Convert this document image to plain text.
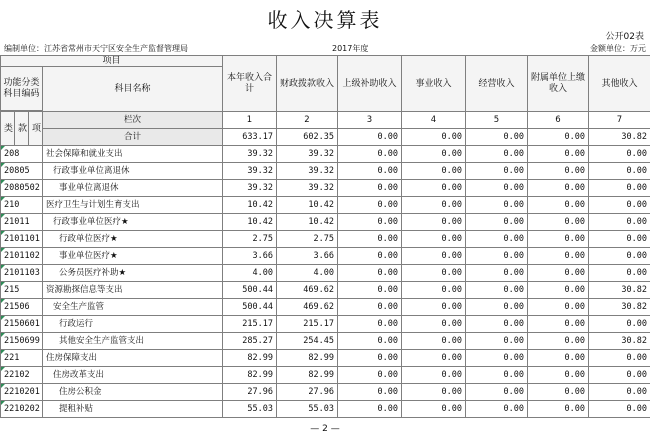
收入决算表
公开02表
编制单位：江苏省常州市天宁区安全生产监督管理局	2017年度	金额单位：万元
项目				本年收入合计	财政拨款收入	上级补助收入	事业收入	经营收入	附属单位上缴收入	其他收入
功能分类科目编码			科目名称							

类	款	项	栏次	1	2	3	4	5	6	7
			合计	633.17	602.35	0.00	0.00	0.00	0.00	30.82
208			社会保障和就业支出	39.32	39.32	0.00	0.00	0.00	0.00	0.00
20805			行政事业单位离退休	39.32	39.32	0.00	0.00	0.00	0.00	0.00
2080502			事业单位离退休	39.32	39.32	0.00	0.00	0.00	0.00	0.00
210			医疗卫生与计划生育支出	10.42	10.42	0.00	0.00	0.00	0.00	0.00
21011			行政事业单位医疗★	10.42	10.42	0.00	0.00	0.00	0.00	0.00
2101101			行政单位医疗★	2.75	2.75	0.00	0.00	0.00	0.00	0.00
2101102			事业单位医疗★	3.66	3.66	0.00	0.00	0.00	0.00	0.00
2101103			公务员医疗补助★	4.00	4.00	0.00	0.00	0.00	0.00	0.00
215			资源勘探信息等支出	500.44	469.62	0.00	0.00	0.00	0.00	30.82
21506			安全生产监管	500.44	469.62	0.00	0.00	0.00	0.00	30.82
2150601			行政运行	215.17	215.17	0.00	0.00	0.00	0.00	0.00
2150699			其他安全生产监管支出	285.27	254.45	0.00	0.00	0.00	0.00	30.82
221			住房保障支出	82.99	82.99	0.00	0.00	0.00	0.00	0.00
22102			住房改革支出	82.99	82.99	0.00	0.00	0.00	0.00	0.00
2210201			住房公积金	27.96	27.96	0.00	0.00	0.00	0.00	0.00
2210202			提租补贴	55.03	55.03	0.00	0.00	0.00	0.00	0.00
— 2 —
